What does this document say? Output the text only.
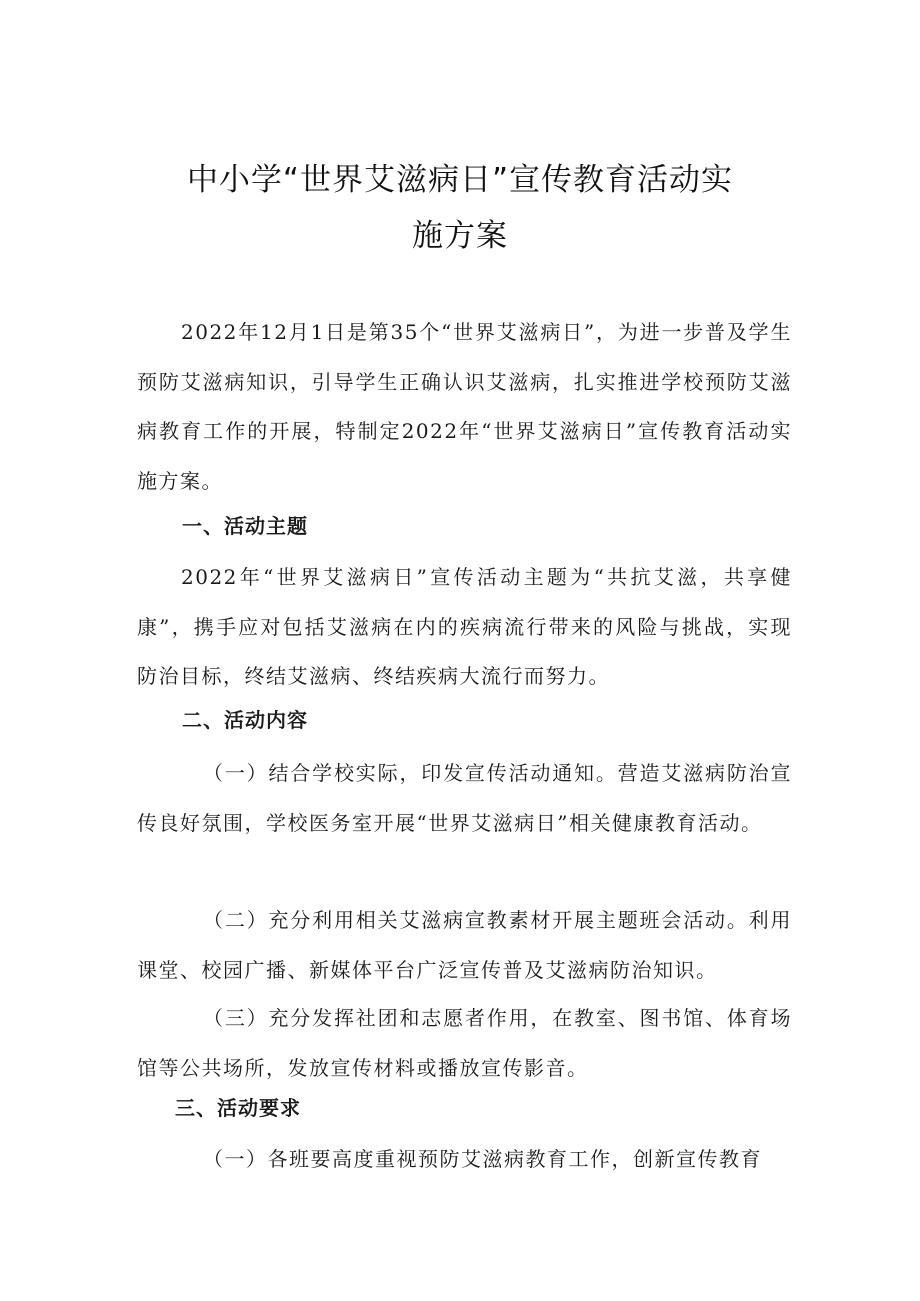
中小学“世界艾滋病日”宣传教育活动实
施方案

2022年12月1日是第35个“世界艾滋病日”，为进一步普及学生预防艾滋病知识，引导学生正确认识艾滋病，扎实推进学校预防艾滋病教育工作的开展，特制定2022年“世界艾滋病日”宣传教育活动实施方案。

一、活动主题

2022年“世界艾滋病日”宣传活动主题为“共抗艾滋，共享健康”，携手应对包括艾滋病在内的疾病流行带来的风险与挑战，实现防治目标，终结艾滋病、终结疾病大流行而努力。

二、活动内容

（一）结合学校实际，印发宣传活动通知。营造艾滋病防治宣传良好氛围，学校医务室开展“世界艾滋病日”相关健康教育活动。

（二）充分利用相关艾滋病宣教素材开展主题班会活动。利用课堂、校园广播、新媒体平台广泛宣传普及艾滋病防治知识。

（三）充分发挥社团和志愿者作用，在教室、图书馆、体育场馆等公共场所，发放宣传材料或播放宣传影音。

三、活动要求

（一）各班要高度重视预防艾滋病教育工作，创新宣传教育
